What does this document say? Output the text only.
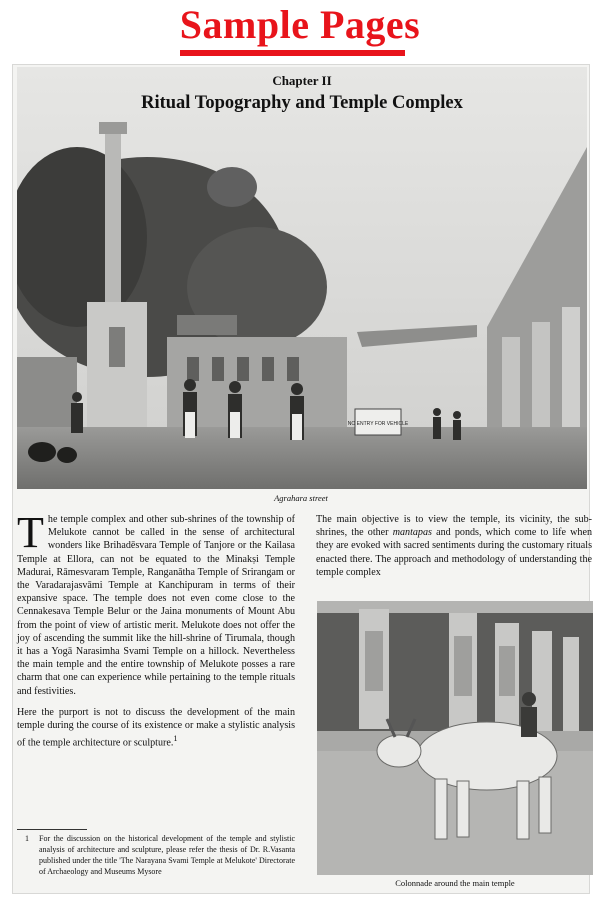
Sample Pages
NO ENTRY FOR VEHICLE
Chapter II
Ritual Topography and Temple Complex
Agrahara street
T he temple complex and other sub-shrines of the township of Melukote cannot be called in the sense of architectural wonders like Brihadēsvara Temple of Tanjore or the Kailasa Temple at Ellora, can not be equated to the Minakṣi Temple Madurai, Rāmesvaram Temple, Ranganātha Temple of Srirangam or the Varadarajasvāmi Temple at Kanchipuram in terms of their expansive space. The temple does not even come close to the Cennakesava Temple Belur or the Jaina monuments of Mount Abu from the point of view of artistic merit. Melukote does not offer the joy of ascending the summit like the hill-shrine of Tirumala, though it has a Yogā Narasimha Svami Temple on a hillock. Nevertheless the main temple and the entire township of Melukote posses a rare charm that one can experience while pertaining to the temple rituals and festivities.

Here the purport is not to discuss the development of the main temple during the course of its existence or make a stylistic analysis of the temple architecture or sculpture.$^1$

1	For the discussion on the historical development of the temple and stylistic analysis of architecture and sculpture, please refer the thesis of Dr. R.Vasanta published under the title 'The Narayana Svami Temple at Melukote' Directorate of Archaeology and Museums Mysore

The main objective is to view the temple, its vicinity, the sub-shrines, the other mantapas and ponds, which come to life when they are evoked with sacred sentiments during the customary rituals enacted there. The approach and methodology of understanding the temple complex

Colonnade around the main temple
